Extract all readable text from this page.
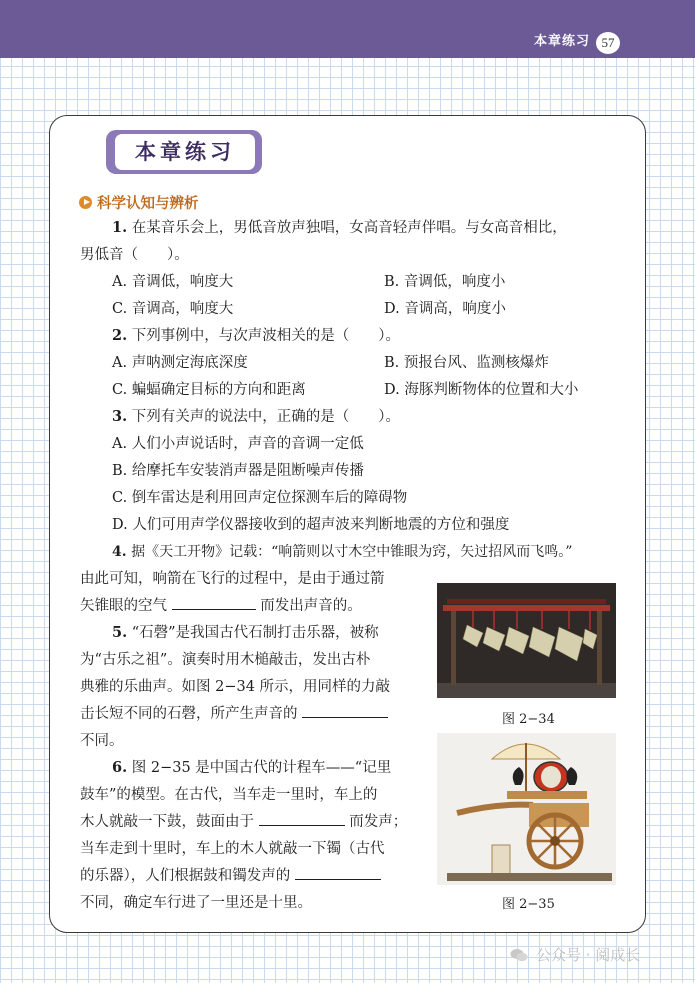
本章练习 57
本章练习
科学认知与辨析
1. 在某音乐会上，男低音放声独唱，女高音轻声伴唱。与女高音相比，
男低音（　　）。
A. 音调低，响度大	B. 音调低，响度小
C. 音调高，响度大	D. 音调高，响度小
2. 下列事例中，与次声波相关的是（　　）。
A. 声呐测定海底深度	B. 预报台风、监测核爆炸
C. 蝙蝠确定目标的方向和距离	D. 海豚判断物体的位置和大小
3. 下列有关声的说法中，正确的是（　　）。
A. 人们小声说话时，声音的音调一定低
B. 给摩托车安装消声器是阻断噪声传播
C. 倒车雷达是利用回声定位探测车后的障碍物
D. 人们可用声学仪器接收到的超声波来判断地震的方位和强度
4. 据《天工开物》记载：“响箭则以寸木空中锥眼为窍，矢过招风而飞鸣。”
由此可知，响箭在飞行的过程中，是由于通过箭
矢锥眼的空气	而发出声音的。
5. “石磬”是我国古代石制打击乐器，被称
为“古乐之祖”。演奏时用木槌敲击，发出古朴
典雅的乐曲声。如图 2−34 所示，用同样的力敲
击长短不同的石磬，所产生声音的
不同。
6. 图 2−35 是中国古代的计程车——“记里
鼓车”的模型。在古代，当车走一里时，车上的
木人就敲一下鼓，鼓面由于	而发声；
当车走到十里时，车上的木人就敲一下镯（古代
的乐器），人们根据鼓和镯发声的
不同，确定车行进了一里还是十里。
图 2−34
图 2−35
公众号 · 阅成长
